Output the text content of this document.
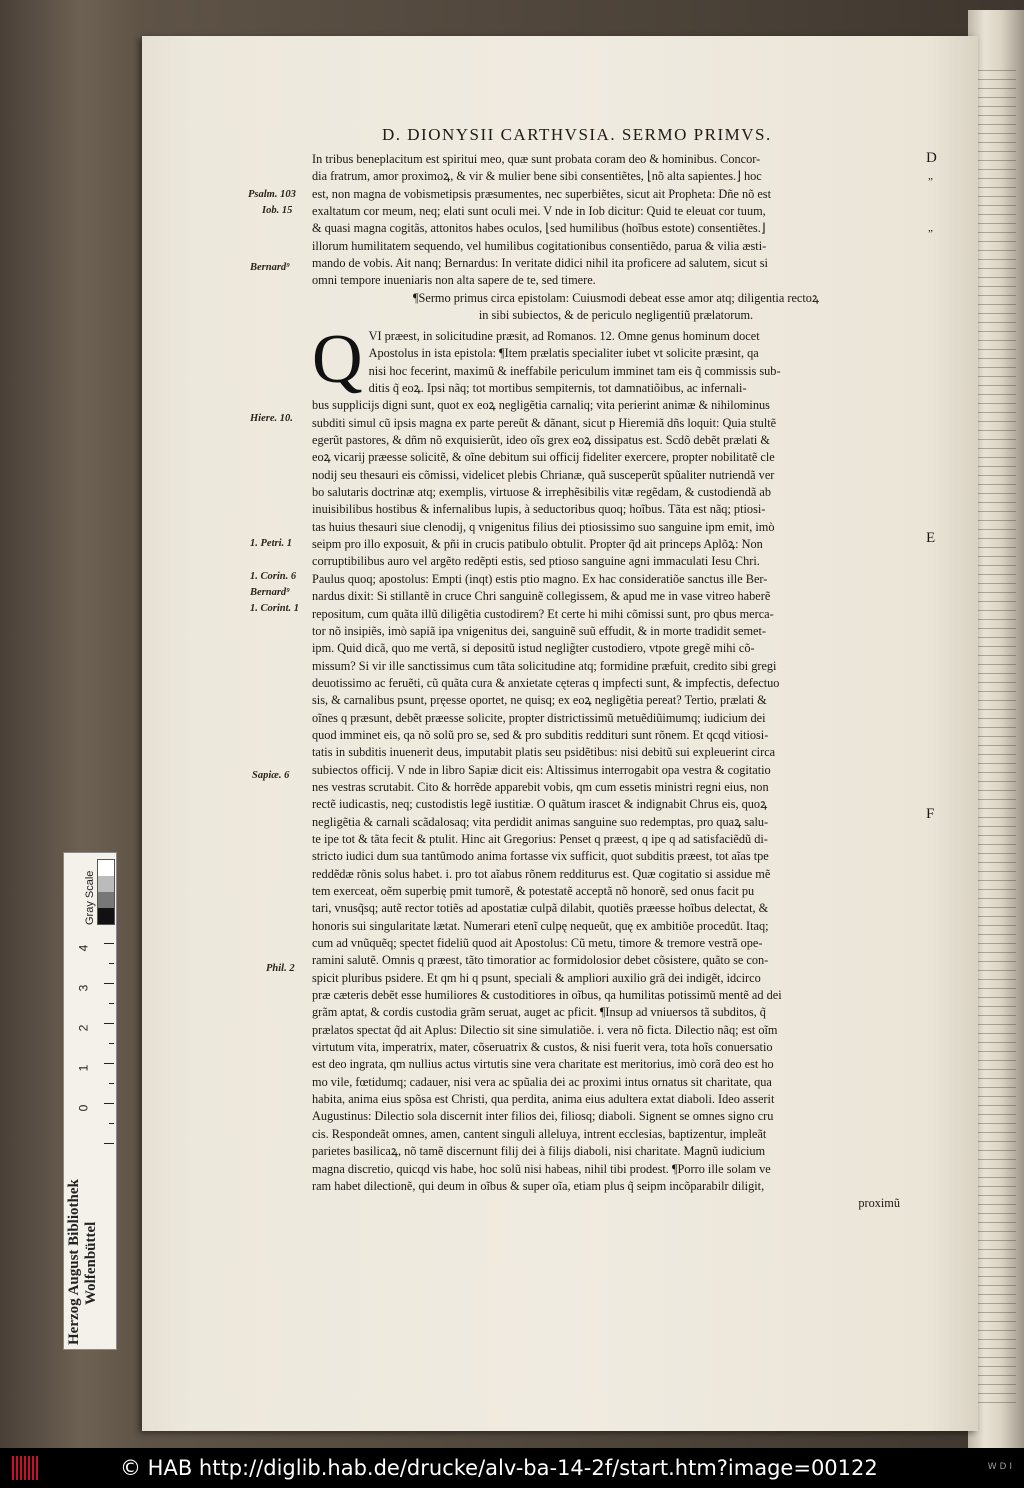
D. DIONYSII CARTHVSIA. SERMO PRIMVS.

In tribus beneplacitum est spiritui meo, quæ sunt probata coram deo & hominibus. Concor-

dia fratrum, amor proximoꝝ, & vir & mulier bene sibi consentiẽtes, ⌊nõ alta sapientes.⌋ hoc

est, non magna de vobismetipsis præsumentes, nec superbiẽtes, sicut ait Propheta: Dñe nõ est

exaltatum cor meum, neq; elati sunt oculi mei. V nde in Iob dicitur: Quid te eleuat cor tuum,

& quasi magna cogitãs, attonitos habes oculos, ⌊sed humilibus (hoĩbus estote) consentiẽtes.⌋

illorum humilitatem sequendo, vel humilibus cogitationibus consentiẽdo, parua & vilia æsti-

mando de vobis. Ait nanq; Bernardus: In veritate didici nihil ita proficere ad salutem, sicut si

omni tempore inueniaris non alta sapere de te, sed timere.

¶Sermo primus circa epistolam: Cuiusmodi debeat esse amor atq; diligentia rectoꝝ

in sibi subiectos, & de periculo negligentiũ prælatorum.

Q VI præest, in solicitudine præsit, ad Romanos. 12. Omne genus hominum docet

Apostolus in ista epistola: ¶Item prælatis specialiter iubet vt solicite præsint, qa

nisi hoc fecerint, maximũ & ineffabile periculum imminet tam eis q̃ commissis sub-

ditis q̃ eoꝝ. Ipsi nãq; tot mortibus sempiternis, tot damnatiõibus, ac infernali-

bus supplicijs digni sunt, quot ex eoꝝ negligẽtia carnaliq; vita perierint animæ & nihilominus

subditi simul cũ ipsis magna ex parte pereũt & dãnant, sicut p Hieremiã dñs loquit: Quia stultẽ

egerũt pastores, & dñm nõ exquisierũt, ideo oĩs grex eoꝝ dissipatus est. Scdõ debẽt prælati &

eoꝝ vicarij præesse solicitẽ, & oĩne debitum sui officij fideliter exercere, propter nobilitatẽ cle

nodij seu thesauri eis cõmissi, videlicet plebis Chrianæ, quã susceperũt spũaliter nutriendã ver

bo salutaris doctrinæ atq; exemplis, virtuose & irrephẽsibilis vitæ regẽdam, & custodiendã ab

inuisibilibus hostibus & infernalibus lupis, à seductoribus quoq; hoĩbus. Tãta est nãq; ptiosi-

tas huius thesauri siue clenodij, q vnigenitus filius dei ptiosissimo suo sanguine ipm emit, imò

seipm pro illo exposuit, & pñi in crucis patibulo obtulit. Propter q̃d ait princeps Aplõꝝ: Non

corruptibilibus auro vel argẽto redẽpti estis, sed ptioso sanguine agni immaculati Iesu Chri.

Paulus quoq; apostolus: Empti (inqt) estis ptio magno. Ex hac consideratiõe sanctus ille Ber-

nardus dixit: Si stillantẽ in cruce Chri sanguinẽ collegissem, & apud me in vase vitreo haberẽ

repositum, cum quãta illũ diligẽtia custodirem? Et certe hi mihi cõmissi sunt, pro qbus merca-

tor nõ insipiẽs, imò sapiã ipa vnigenitus dei, sanguinẽ suũ effudit, & in morte tradidit semet-

ipm. Quid dicã, quo me vertã, si depositũ istud neglig̃ter custodiero, vtpote gregẽ mihi cõ-

missum? Si vir ille sanctissimus cum tãta solicitudine atq; formidine præfuit, credito sibi gregi

deuotissimo ac feruẽti, cũ quãta cura & anxietate cęteras q impfecti sunt, & impfectis, defectuo

sis, & carnalibus psunt, pręesse oportet, ne quisq; ex eoꝝ negligẽtia pereat? Tertio, prælati &

oĩnes q præsunt, debẽt præesse solicite, propter districtissimũ metuẽdiũimumq; iudicium dei

quod imminet eis, qa nõ solũ pro se, sed & pro subditis reddituri sunt rõnem. Et qcqd vitiosi-

tatis in subditis inuenerit deus, imputabit platis seu psidẽtibus: nisi debitũ sui expleuerint circa

subiectos officij. V nde in libro Sapiæ dicit eis: Altissimus interrogabit opa vestra & cogitatio

nes vestras scrutabit. Cito & horrẽde apparebit vobis, qm cum essetis ministri regni eius, non

rectẽ iudicastis, neq; custodistis legẽ iustitiæ. O quãtum irascet & indignabit Chrus eis, quoꝝ

negligẽtia & carnali scãdalosaq; vita perdidit animas sanguine suo redemptas, pro quaꝝ salu-

te ipe tot & tãta fecit & ptulit. Hinc ait Gregorius: Penset q præest, q ipe q ad satisfaciẽdũ di-

stricto iudici dum sua tantũmodo anima fortasse vix sufficit, quot subditis præest, tot aĩas tpe

reddẽdæ rõnis solus habet. i. pro tot aĩabus rõnem redditurus est. Quæ cogitatio si assidue mẽ

tem exerceat, oẽm superbię pmit tumorẽ, & potestatẽ acceptã nõ honorẽ, sed onus facit pu

tari, vnusq̃sq; autẽ rector totiẽs ad apostatiæ culpã dilabit, quotiẽs præesse hoĩbus delectat, &

honoris sui singularitate lætat. Numerari etenĩ culpę nequeũt, quę ex ambitiõe procedũt. Itaq;

cum ad vnũquẽq; spectet fideliũ quod ait Apostolus: Cũ metu, timore & tremore vestrã ope-

ramini salutẽ. Omnis q præest, tãto timoratior ac formidolosior debet cõsistere, quãto se con-

spicit pluribus psidere. Et qm hi q psunt, speciali & ampliori auxilio grã dei indigẽt, idcirco

præ cæteris debẽt esse humiliores & custoditiores in oĩbus, qa humilitas potissimũ mentẽ ad dei

grãm aptat, & cordis custodia grãm seruat, auget ac pficit. ¶Insup ad vniuersos tã subditos, q̃

prælatos spectat q̃d ait Aplus: Dilectio sit sine simulatiõe. i. vera nõ ficta. Dilectio nãq; est oĩm

virtutum vita, imperatrix, mater, cõseruatrix & custos, & nisi fuerit vera, tota hoĩs conuersatio

est deo ingrata, qm nullius actus virtutis sine vera charitate est meritorius, imò corã deo est ho

mo vile, fœtidumq; cadauer, nisi vera ac spũalia dei ac proximi intus ornatus sit charitate, qua

habita, anima eius spõsa est Christi, qua perdita, anima eius adultera extat diaboli. Ideo asserit

Augustinus: Dilectio sola discernit inter filios dei, filiosq; diaboli. Signent se omnes signo cru

cis. Respondeãt omnes, amen, cantent singuli alleluya, intrent ecclesias, baptizentur, impleãt

parietes basilicaꝝ, nõ tamẽ discernunt filij dei à filijs diaboli, nisi charitate. Magnũ iudicium

magna discretio, quicqd vis habe, hoc solũ nisi habeas, nihil tibi prodest. ¶Porro ille solam ve

ram habet dilectionẽ, qui deum in oĩbus & super oĩa, etiam plus q̃ seipm incõparabilr diligit,

proximũ

Psalm. 103
Iob. 15
Bernard⁹
Hiere. 10.
1. Petri. 1
1. Corin. 6
Bernard⁹
1. Corint. 1
Sapiæ. 6
Phil. 2
D
„
„
E
F
Gray Scale
4
3
2
1
0
Herzog August Bibliothek Wolfenbüttel
© HAB http://diglib.hab.de/drucke/alv-ba-14-2f/start.htm?image=00122	W D I
